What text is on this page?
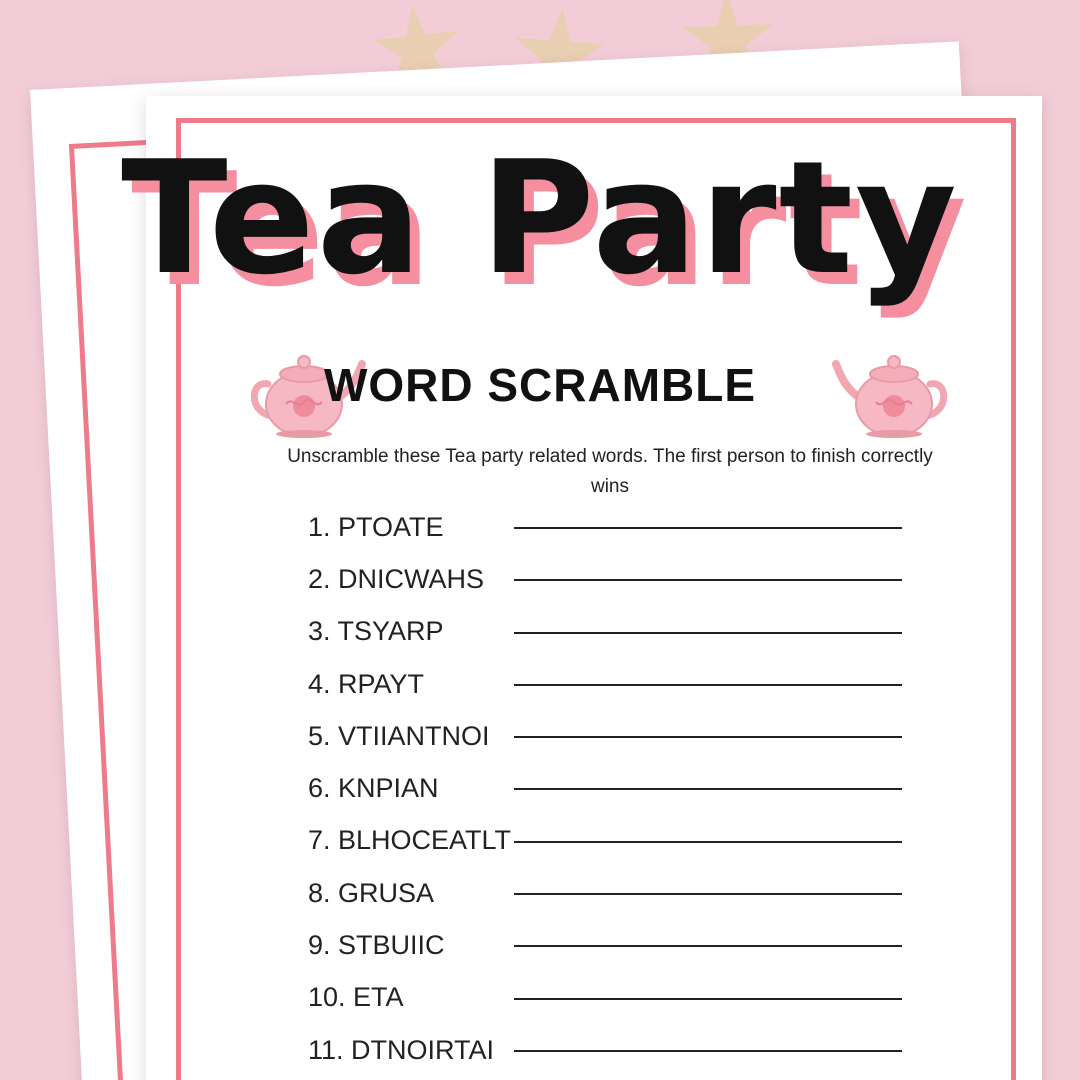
Tea Party
WORD SCRAMBLE

Unscramble these Tea party related words. The first person to finish correctly wins

1. PTOATE
2. DNICWAHS
3. TSYARP
4. RPAYT
5. VTIIANTNOI
6. KNPIAN
7. BLHOCEATLT
8. GRUSA
9. STBUIIC
10. ETA
11. DTNOIRTAI
